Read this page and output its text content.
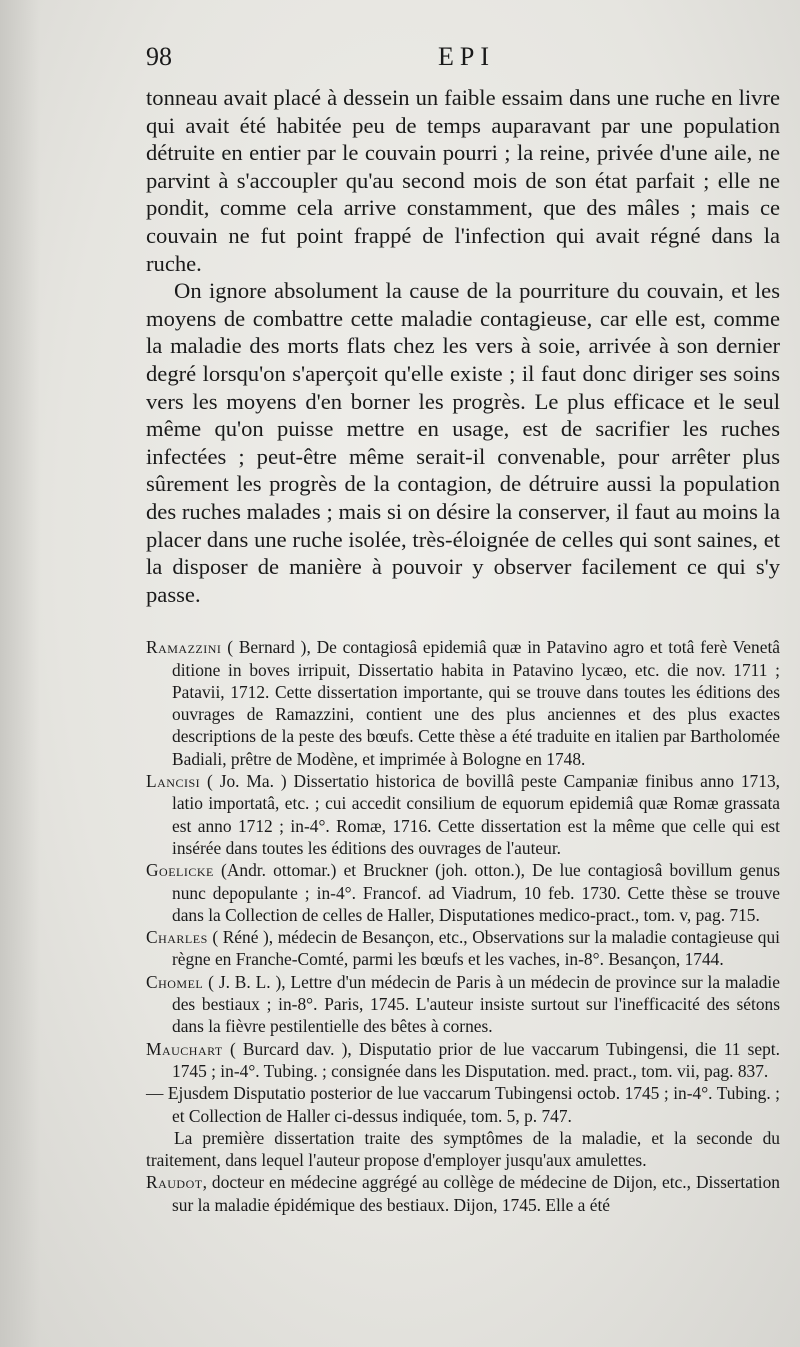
98	EPI

tonneau avait placé à dessein un faible essaim dans une ruche en livre qui avait été habitée peu de temps auparavant par une population détruite en entier par le couvain pourri ; la reine, privée d'une aile, ne parvint à s'accoupler qu'au second mois de son état parfait ; elle ne pondit, comme cela arrive constamment, que des mâles ; mais ce couvain ne fut point frappé de l'infection qui avait régné dans la ruche.

On ignore absolument la cause de la pourriture du couvain, et les moyens de combattre cette maladie contagieuse, car elle est, comme la maladie des morts flats chez les vers à soie, arrivée à son dernier degré lorsqu'on s'aperçoit qu'elle existe ; il faut donc diriger ses soins vers les moyens d'en borner les progrès. Le plus efficace et le seul même qu'on puisse mettre en usage, est de sacrifier les ruches infectées ; peut-être même serait-il convenable, pour arrêter plus sûrement les progrès de la contagion, de détruire aussi la population des ruches malades ; mais si on désire la conserver, il faut au moins la placer dans une ruche isolée, très-éloignée de celles qui sont saines, et la disposer de manière à pouvoir y observer facilement ce qui s'y passe.

Ramazzini ( Bernard ), De contagiosâ epidemiâ quæ in Patavino agro et totâ ferè Venetâ ditione in boves irripuit, Dissertatio habita in Patavino lycæo, etc. die nov. 1711 ; Patavii, 1712. Cette dissertation importante, qui se trouve dans toutes les éditions des ouvrages de Ramazzini, contient une des plus anciennes et des plus exactes descriptions de la peste des bœufs. Cette thèse a été traduite en italien par Bartholomée Badiali, prêtre de Modène, et imprimée à Bologne en 1748.

Lancisi ( Jo. Ma. ) Dissertatio historica de bovillâ peste Campaniæ finibus anno 1713, latio importatâ, etc. ; cui accedit consilium de equorum epidemiâ quæ Romæ grassata est anno 1712 ; in-4°. Romæ, 1716. Cette dissertation est la même que celle qui est insérée dans toutes les éditions des ouvrages de l'auteur.

Goelicke (Andr. ottomar.) et Bruckner (joh. otton.), De lue contagiosâ bovillum genus nunc depopulante ; in-4°. Francof. ad Viadrum, 10 feb. 1730. Cette thèse se trouve dans la Collection de celles de Haller, Disputationes medico-pract., tom. v, pag. 715.

Charles ( Réné ), médecin de Besançon, etc., Observations sur la maladie contagieuse qui règne en Franche-Comté, parmi les bœufs et les vaches, in-8°. Besançon, 1744.

Chomel ( J. B. L. ), Lettre d'un médecin de Paris à un médecin de province sur la maladie des bestiaux ; in-8°. Paris, 1745. L'auteur insiste surtout sur l'inefficacité des sétons dans la fièvre pestilentielle des bêtes à cornes.

Mauchart ( Burcard dav. ), Disputatio prior de lue vaccarum Tubingensi, die 11 sept. 1745 ; in-4°. Tubing. ; consignée dans les Disputation. med. pract., tom. vii, pag. 837.

— Ejusdem Disputatio posterior de lue vaccarum Tubingensi octob. 1745 ; in-4°. Tubing. ; et Collection de Haller ci-dessus indiquée, tom. 5, p. 747.

La première dissertation traite des symptômes de la maladie, et la seconde du traitement, dans lequel l'auteur propose d'employer jusqu'aux amulettes.

Raudot, docteur en médecine aggrégé au collège de médecine de Dijon, etc., Dissertation sur la maladie épidémique des bestiaux. Dijon, 1745. Elle a été
